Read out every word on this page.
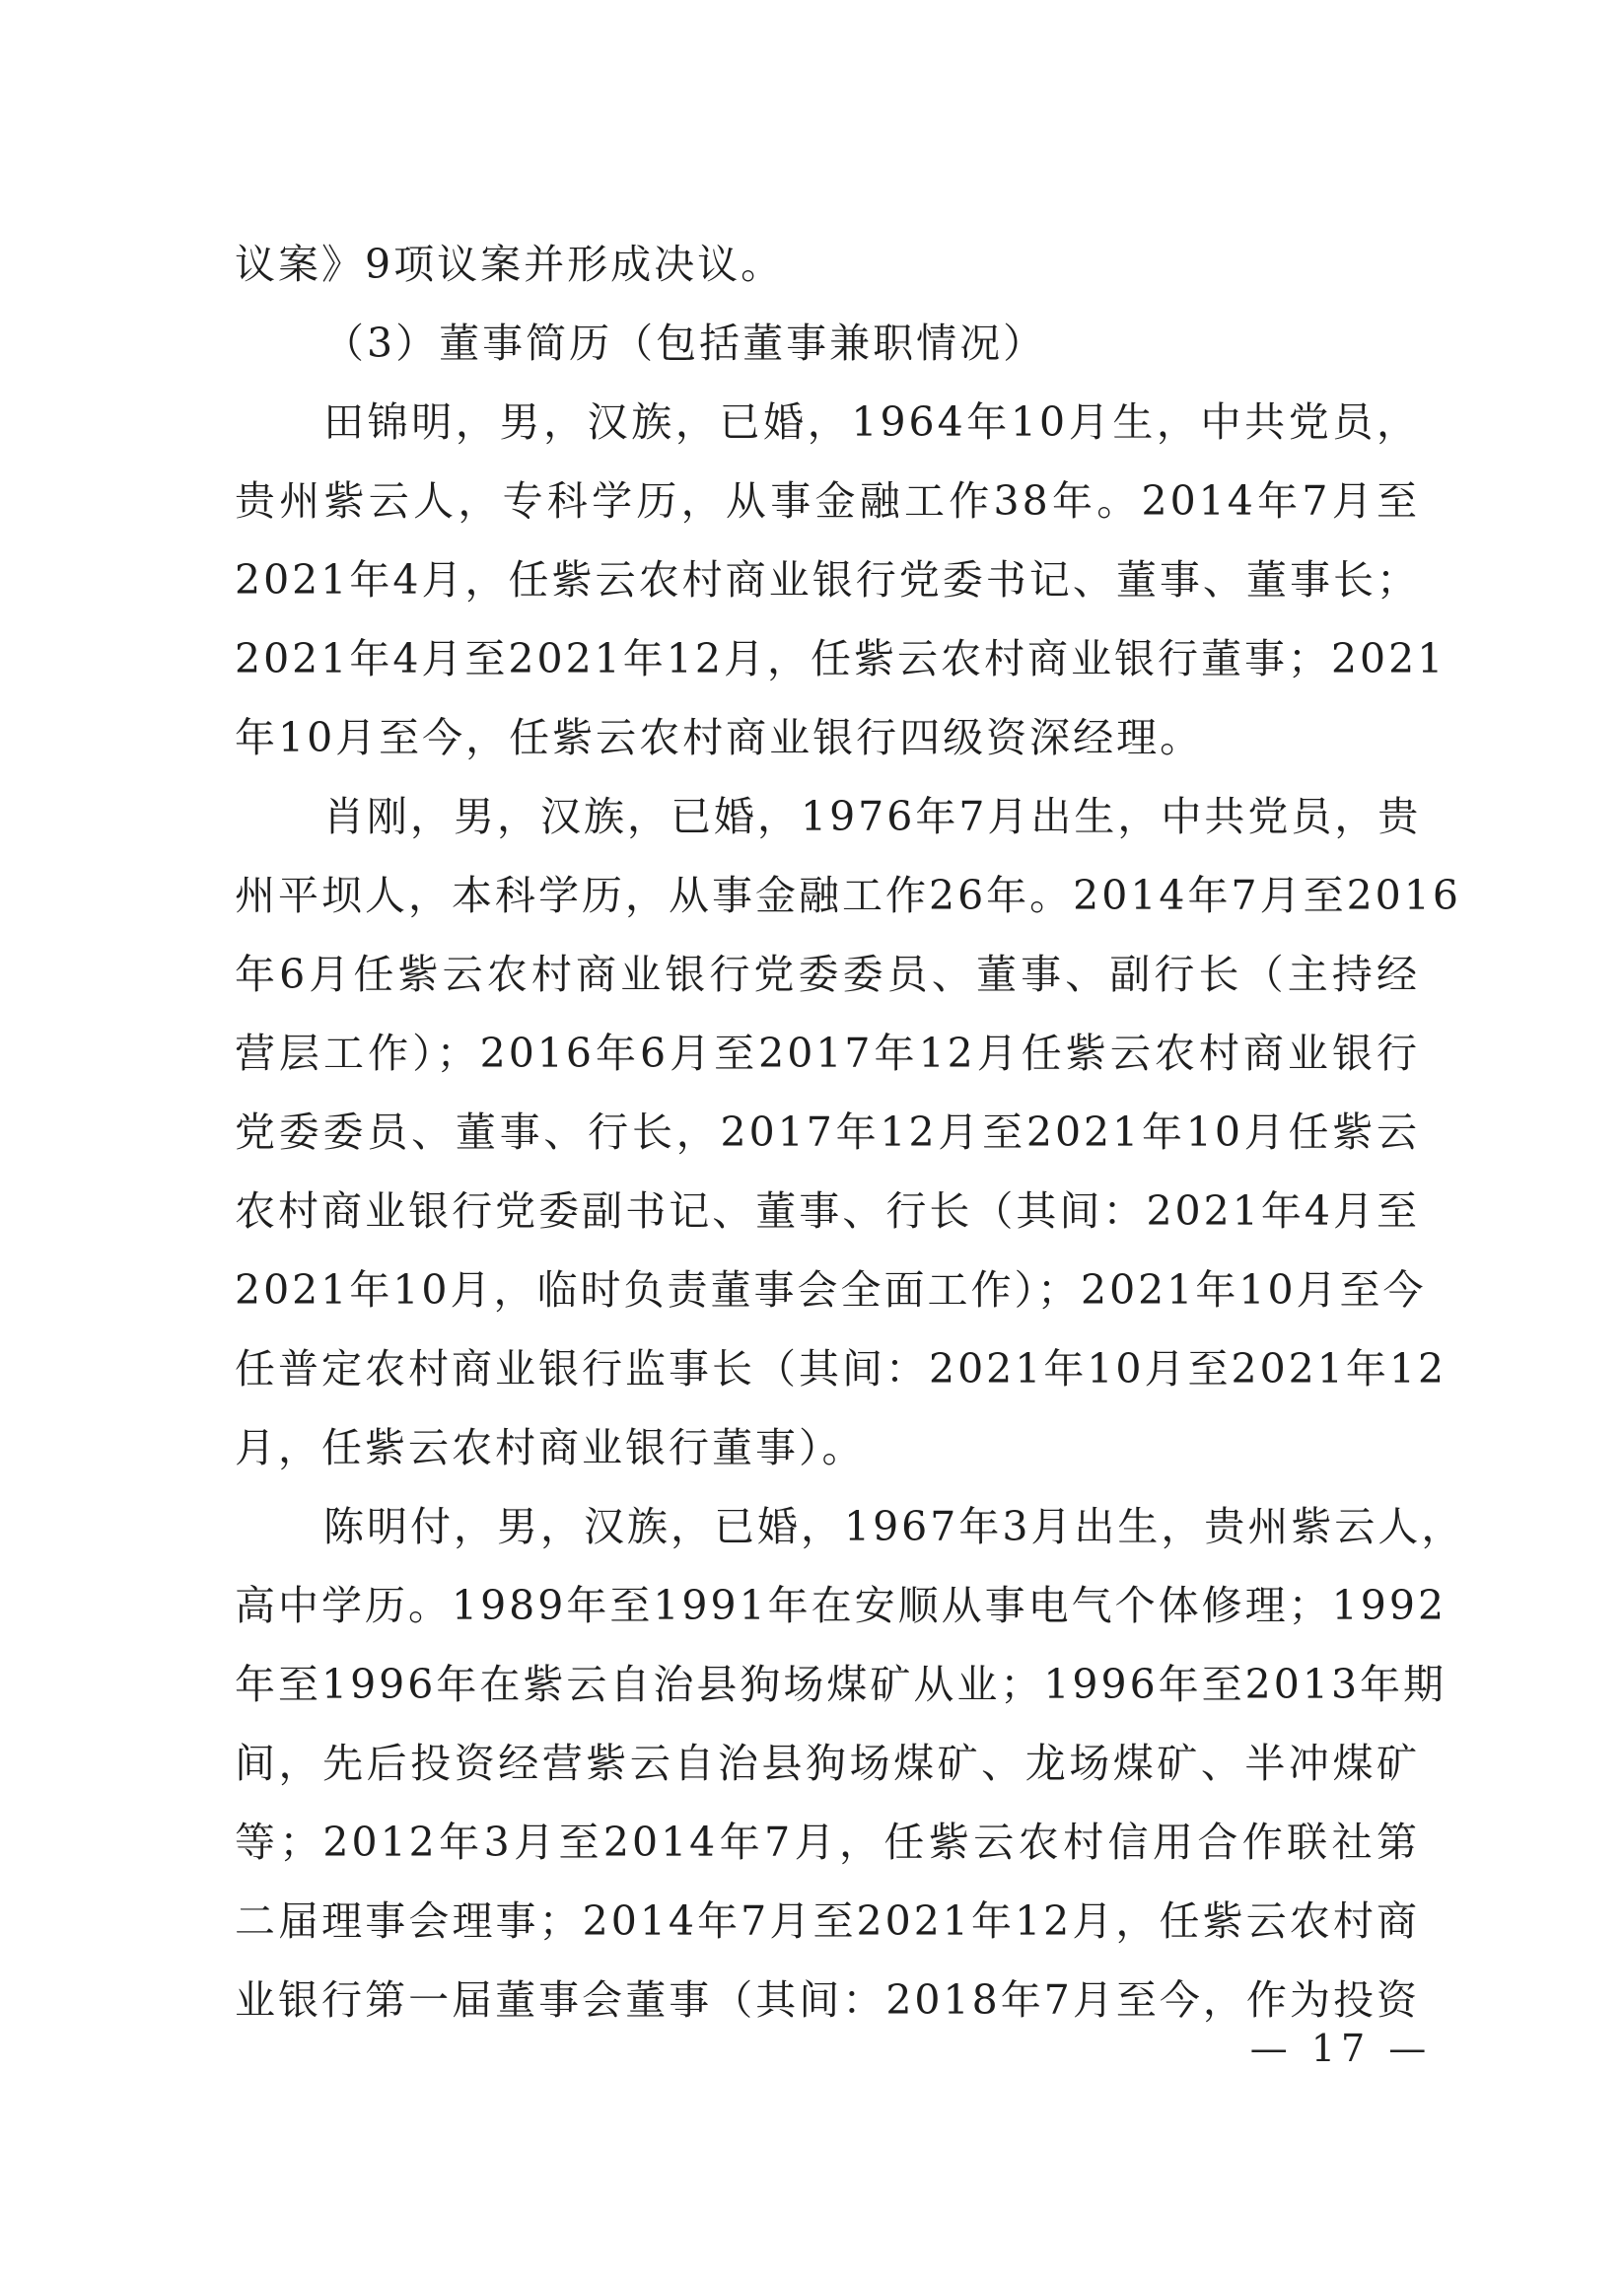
议案》9项议案并形成决议。
（3）董事简历（包括董事兼职情况）
田锦明，男，汉族，已婚，1964年10月生，中共党员，
贵州紫云人，专科学历，从事金融工作38年。2014年7月至
2021年4月，任紫云农村商业银行党委书记、董事、董事长；
2021年4月至2021年12月，任紫云农村商业银行董事；2021
年10月至今，任紫云农村商业银行四级资深经理。
肖刚，男，汉族，已婚，1976年7月出生，中共党员，贵
州平坝人，本科学历，从事金融工作26年。2014年7月至2016
年6月任紫云农村商业银行党委委员、董事、副行长（主持经
营层工作）；2016年6月至2017年12月任紫云农村商业银行
党委委员、董事、行长，2017年12月至2021年10月任紫云
农村商业银行党委副书记、董事、行长（其间：2021年4月至
2021年10月，临时负责董事会全面工作）；2021年10月至今
任普定农村商业银行监事长（其间：2021年10月至2021年12
月，任紫云农村商业银行董事）。
陈明付，男，汉族，已婚，1967年3月出生，贵州紫云人，
高中学历。1989年至1991年在安顺从事电气个体修理；1992
年至1996年在紫云自治县狗场煤矿从业；1996年至2013年期
间，先后投资经营紫云自治县狗场煤矿、龙场煤矿、半冲煤矿
等；2012年3月至2014年7月，任紫云农村信用合作联社第
二届理事会理事；2014年7月至2021年12月，任紫云农村商
业银行第一届董事会董事（其间：2018年7月至今，作为投资
— 17 —
